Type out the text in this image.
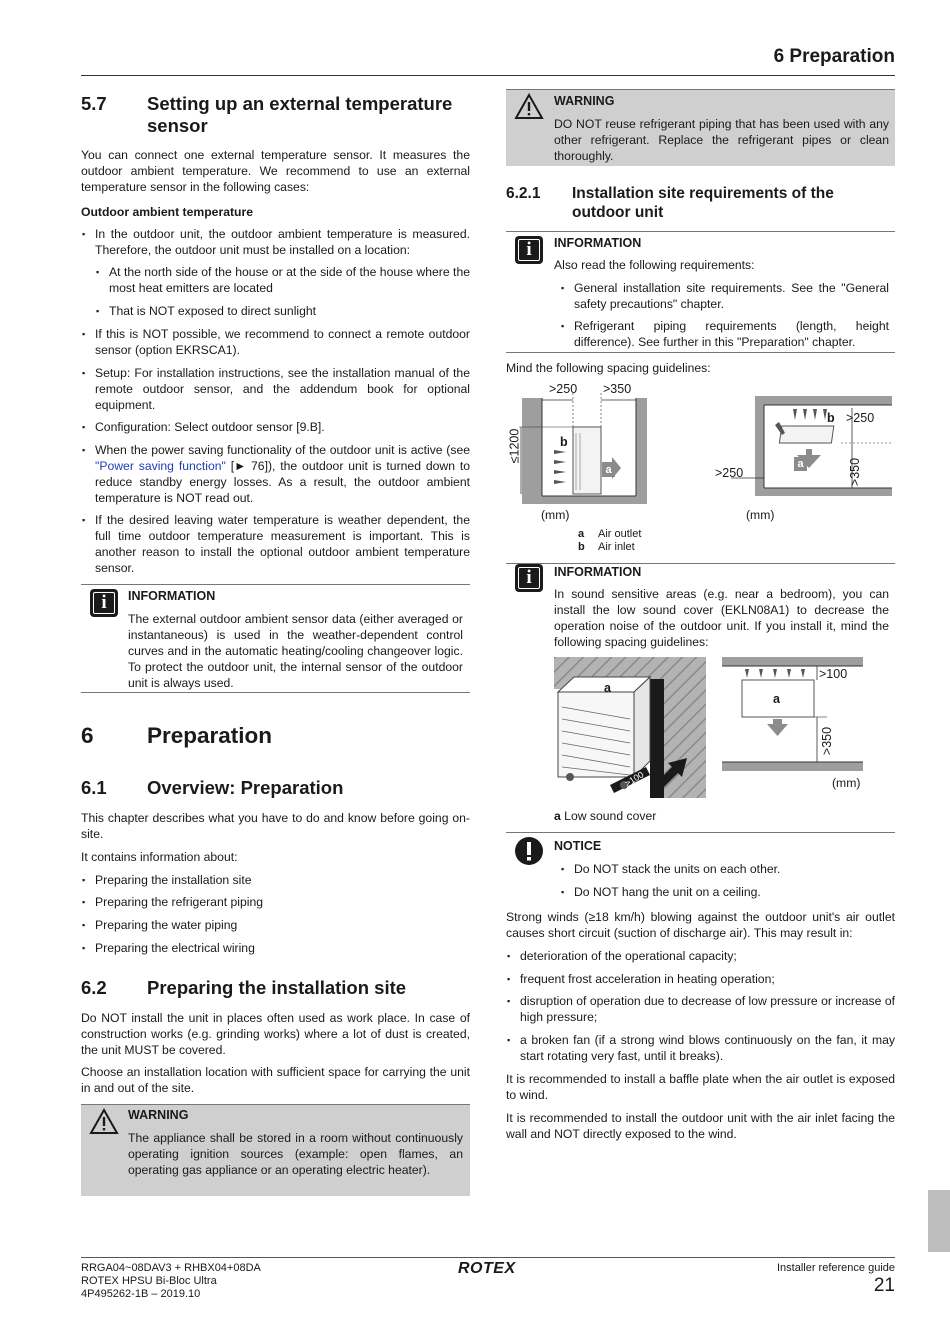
6 Preparation
5.7 Setting up an external temperature sensor
You can connect one external temperature sensor. It measures the outdoor ambient temperature. We recommend to use an external temperature sensor in the following cases:
Outdoor ambient temperature
▪ In the outdoor unit, the outdoor ambient temperature is measured. Therefore, the outdoor unit must be installed on a location:
▪ At the north side of the house or at the side of the house where the most heat emitters are located
▪ That is NOT exposed to direct sunlight
▪ If this is NOT possible, we recommend to connect a remote outdoor sensor (option EKRSCA1).
▪ Setup: For installation instructions, see the installation manual of the remote outdoor sensor, and the addendum book for optional equipment.
▪ Configuration: Select outdoor sensor [9.B].
▪ When the power saving functionality of the outdoor unit is active (see "Power saving function" [► 76]), the outdoor unit is turned down to reduce standby energy losses. As a result, the outdoor ambient temperature is NOT read out.
▪ If the desired leaving water temperature is weather dependent, the full time outdoor temperature measurement is important. This is another reason to install the optional outdoor ambient temperature sensor.
i	INFORMATION
The external outdoor ambient sensor data (either averaged or instantaneous) is used in the weather-dependent control curves and in the automatic heating/cooling changeover logic. To protect the outdoor unit, the internal sensor of the outdoor unit is always used.
6 Preparation
6.1 Overview: Preparation
This chapter describes what you have to do and know before going on-site.
It contains information about:
▪ Preparing the installation site
▪ Preparing the refrigerant piping
▪ Preparing the water piping
▪ Preparing the electrical wiring
6.2 Preparing the installation site
Do NOT install the unit in places often used as work place. In case of construction works (e.g. grinding works) where a lot of dust is created, the unit MUST be covered.
Choose an installation location with sufficient space for carrying the unit in and out of the site.
WARNING
The appliance shall be stored in a room without continuously operating ignition sources (example: open flames, an operating gas appliance or an operating electric heater).
WARNING
DO NOT reuse refrigerant piping that has been used with any other refrigerant. Replace the refrigerant pipes or clean thoroughly.
6.2.1 Installation site requirements of the outdoor unit
i	INFORMATION
Also read the following requirements:
▪ General installation site requirements. See the "General safety precautions" chapter.
▪ Refrigerant piping requirements (length, height difference). See further in this "Preparation" chapter.
Mind the following spacing guidelines:
>250 >350
≤1200	b
a
(mm)
b >250
>250
a	>350
(mm)
a Air outlet
b Air inlet
i	INFORMATION
In sound sensitive areas (e.g. near a bedroom), you can install the low sound cover (EKLN08A1) to decrease the operation noise of the outdoor unit. If you install it, mind the following spacing guidelines:
a
>100
>100
a
>350
(mm)
a Low sound cover
NOTICE
▪ Do NOT stack the units on each other.
▪ Do NOT hang the unit on a ceiling.
Strong winds (≥18 km/h) blowing against the outdoor unit's air outlet causes short circuit (suction of discharge air). This may result in:
▪ deterioration of the operational capacity;
▪ frequent frost acceleration in heating operation;
▪ disruption of operation due to decrease of low pressure or increase of high pressure;
▪ a broken fan (if a strong wind blows continuously on the fan, it may start rotating very fast, until it breaks).
It is recommended to install a baffle plate when the air outlet is exposed to wind.
It is recommended to install the outdoor unit with the air inlet facing the wall and NOT directly exposed to the wind.
RRGA04~08DAV3 + RHBX04+08DA
ROTEX HPSU Bi-Bloc Ultra
4P495262-1B – 2019.10
ROTEX	Installer reference guide
21
